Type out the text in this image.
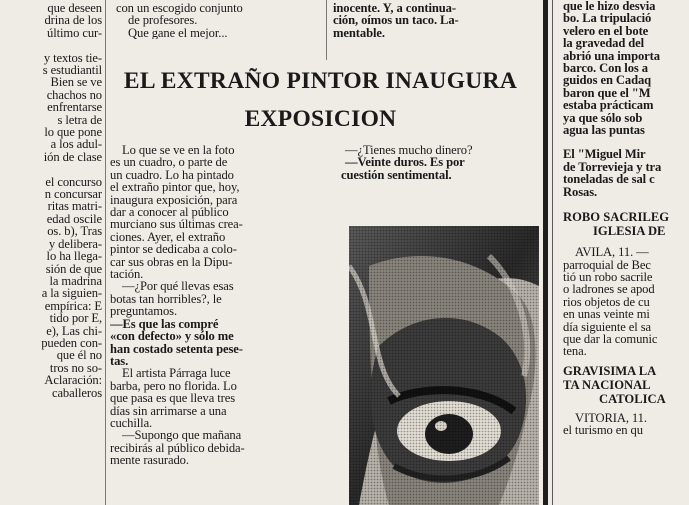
que deseen
drina de los
último cur-
y textos tie-
s estudiantil
Bien se ve
chachos no
enfrentarse
s letra de
lo que pone
a los adul-
ión de clase
el concurso
n concursar
ritas matri-
edad oscile
os. b), Tras
y delibera-
lo ha llega-
sión de que
la madrina
a la siguien-
empírica: E
tido por E,
e), Las chi-
pueden con-
que él no
tros no so-
Aclaración:
caballeros
con un escogido conjunto
de profesores.
Que gane el mejor...
inocente. Y, a continua-
ción, oímos un taco. La-
mentable.
EL EXTRAÑO PINTOR INAUGURA
EXPOSICION
Lo que se ve en la foto
es un cuadro, o parte de
un cuadro. Lo ha pintado
el extraño pintor que, hoy,
inaugura exposición, para
dar a conocer al público
murciano sus últimas crea-
ciones. Ayer, el extraño
pintor se dedicaba a colo-
car sus obras en la Dipu-
tación.
—¿Por qué llevas esas
botas tan horribles?, le
preguntamos.
—Es que las compré
«con defecto» y sólo me
han costado setenta pese-
tas.
El artista Párraga luce
barba, pero no florida. Lo
que pasa es que lleva tres
días sin arrimarse a una
cuchilla.
—Supongo que mañana
recibirás al público debida-
mente rasurado.
—¿Tienes mucho dinero?
—Veinte duros. Es por
cuestión sentimental.
que le hizo desvia
bo. La tripulació
velero en el bote
la gravedad del
abrió una importa
barco. Con los a
guidos en Cadaq
baron que el "M
estaba prácticam
ya que sólo sob
agua las puntas
El "Miguel Mir
de Torrevieja y tra
toneladas de sal c
Rosas.
ROBO SACRILEG
IGLESIA DE
AVILA, 11. —
parroquial de Bec
tió un robo sacrile
o ladrones se apod
rios objetos de cu
en unas veinte mi
día siguiente el sa
que dar la comunic
tena.
GRAVISIMA LA
TA NACIONAL
CATOLICA
VITORIA, 11.
el turismo en qu
